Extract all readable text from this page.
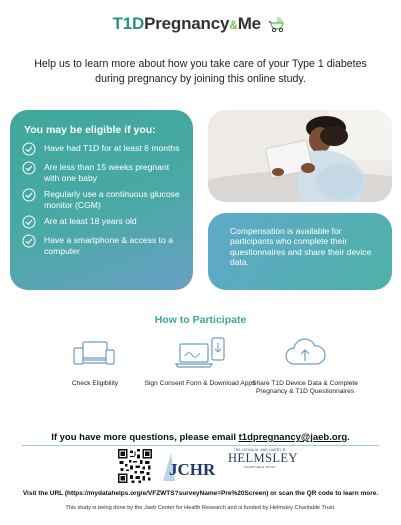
T1DPregnancy&Me
Help us to learn more about how you take care of your Type 1 diabetes during pregnancy by joining this online study.
You may be eligible if you:
Have had T1D for at least 6 months
Are less than 15 weeks pregnant with one baby
Regularly use a continuous glucose monitor (CGM)
Are at least 18 years old
Have a smartphone & access to a computer
Compensation is available for participants who complete their questionnaires and share their device data.
How to Participate
Check Eligibility	Sign Consent Form & Download Apps
Share T1D Device Data & Complete Pregnancy & T1D Questionnaires
If you have more questions, please email t1dpregnancy@jaeb.org.
JCHR
THE LEONA M. AND HARRY B.
HELMSLEY
CHARITABLE TRUST
Visit the URL (https://mydatahelps.org/e/VFZWTS?surveyName=Pre%20Screen) or scan the QR code to learn more.
This study is being done by the Jaeb Center for Health Research and is funded by Helmsley Charitable Trust.
